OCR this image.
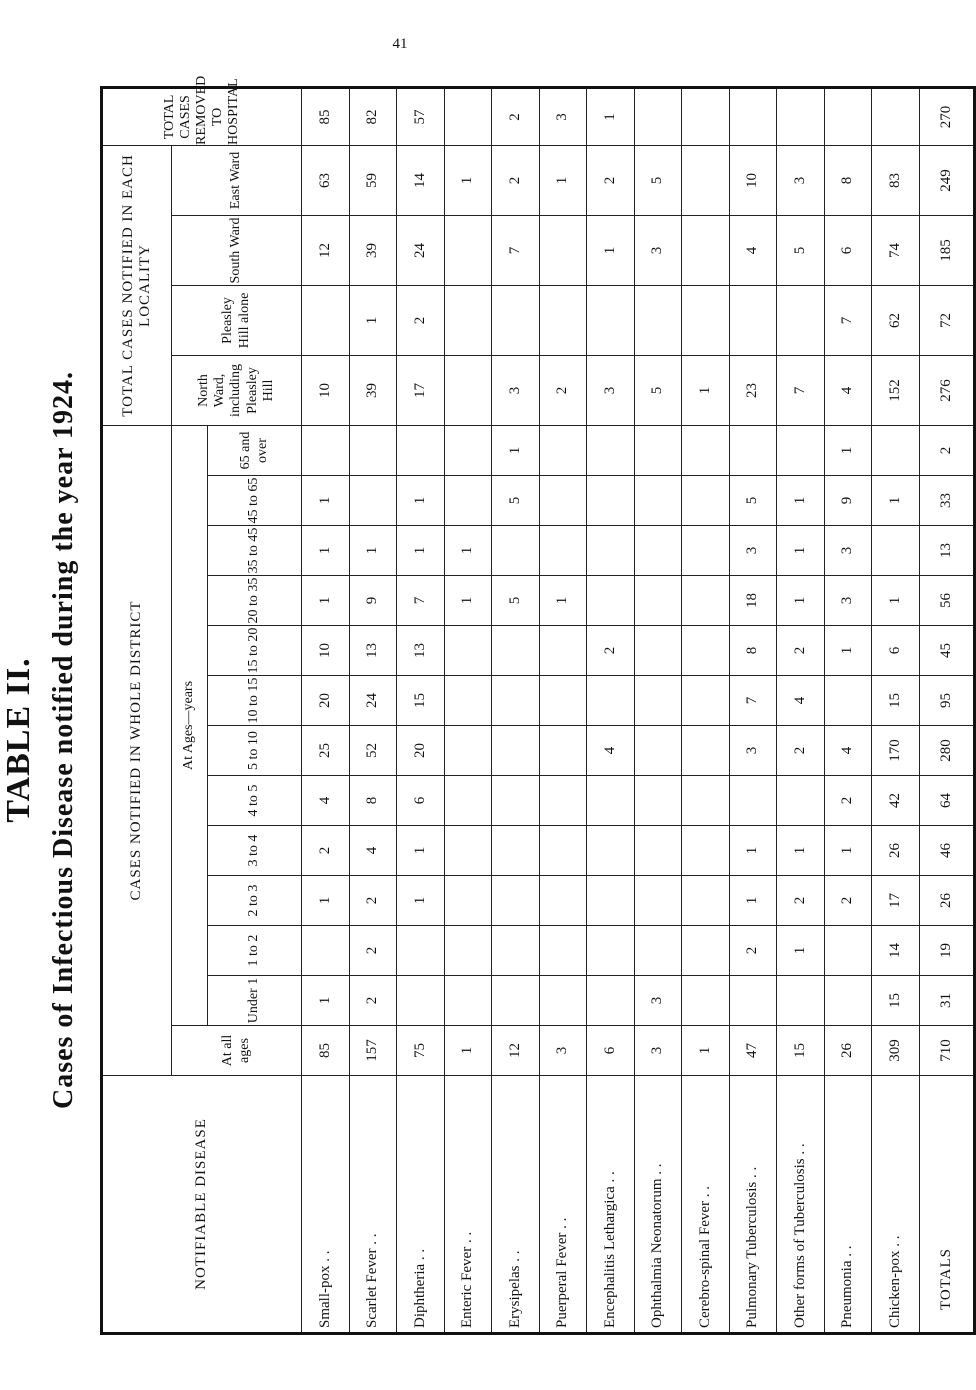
41
TABLE II. Cases of Infectious Disease notified during the year 1924.
NOTIFIABLE DISEASE	CASES NOTIFIED IN WHOLE DISTRICT													TOTAL CASES NOTIFIED IN EACH LOCALITY				TOTAL CASES REMOVED TO HOSPITAL
	At all ages	At Ages—years												North Ward, including Pleasley Hill	Pleasley Hill alone	South Ward	East Ward	
		Under 1	1 to 2	2 to 3	3 to 4	4 to 5	5 to 10	10 to 15	15 to 20	20 to 35	35 to 45	45 to 65	65 and over					
Small-pox . .	85	1		1	2	4	25	20	10	1	1	1		10		12	63	85
Scarlet Fever . .	157	2	2	2	4	8	52	24	13	9	1			39	1	39	59	82
Diphtheria . .	75			1	1	6	20	15	13	7	1	1		17	2	24	14	57
Enteric Fever . .	1									1	1						1	
Erysipelas . .	12									5		5	1	3		7	2	2
Puerperal Fever . .	3									1				2			1	3
Encephalitis Lethargica . .	6						4		2					3		1	2	1
Ophthalmia Neonatorum . .	3	3												5		3	5	
Cerebro-spinal Fever . .	1													1				
Pulmonary Tuberculosis . .	47		2	1	1		3	7	8	18	3	5		23		4	10	
Other forms of Tuberculosis . .	15		1	2	1		2	4	2	1	1	1		7		5	3	
Pneumonia . .	26			2	1	2	4		1	3	3	9	1	4	7	6	8	
Chicken-pox . .	309	15	14	17	26	42	170	15	6	1		1		152	62	74	83	
TOTALS	710	31	19	26	46	64	280	95	45	56	13	33	2	276	72	185	249	270
